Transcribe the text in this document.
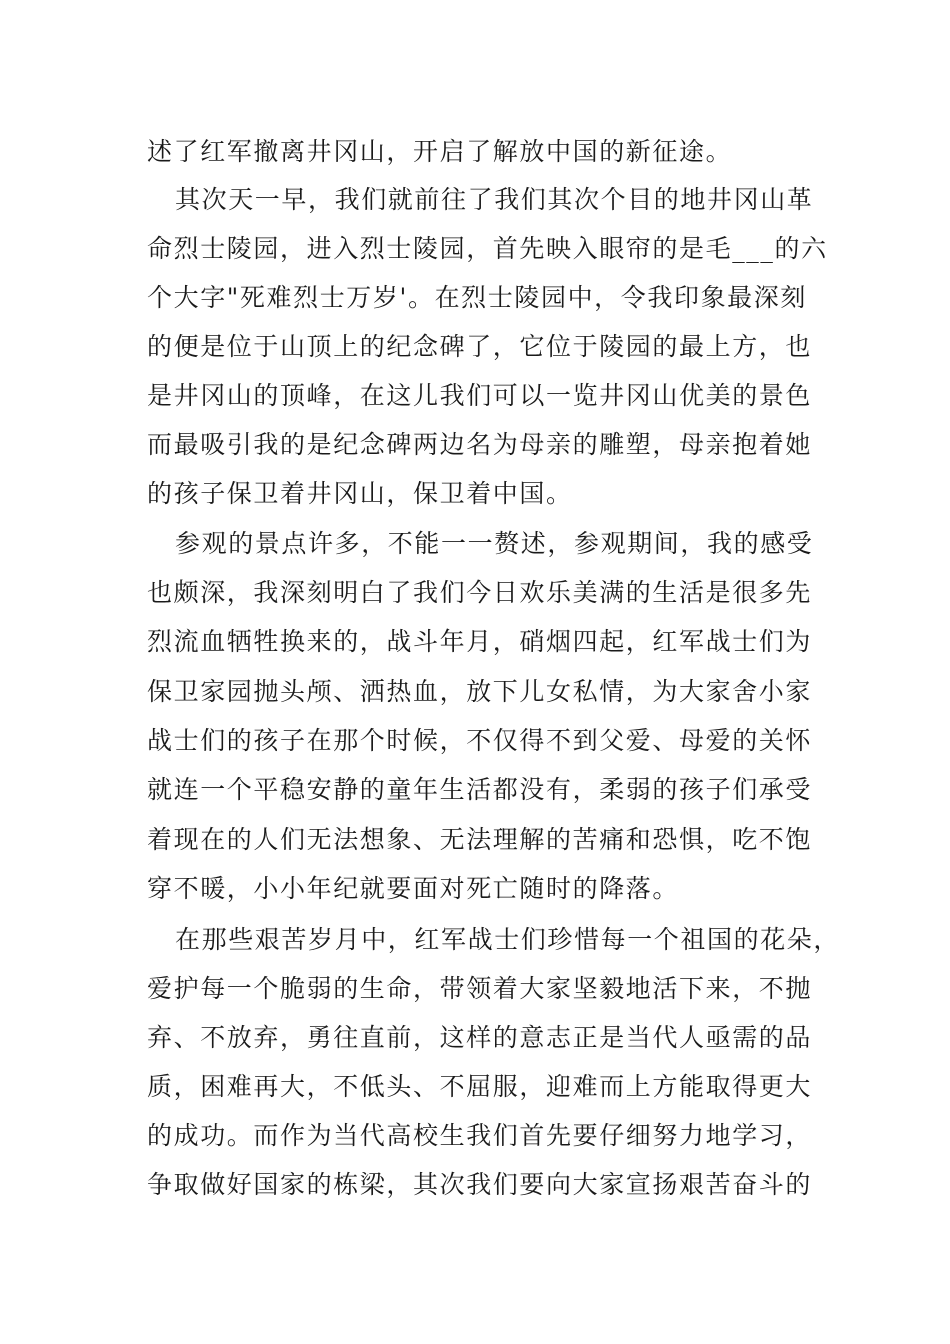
述了红军撤离井冈山，开启了解放中国的新征途。
其次天一早，我们就前往了我们其次个目的地井冈山革
命烈士陵园，进入烈士陵园，首先映入眼帘的是毛___的六
个大字"死难烈士万岁'。在烈士陵园中，令我印象最深刻
的便是位于山顶上的纪念碑了，它位于陵园的最上方，也
是井冈山的顶峰，在这儿我们可以一览井冈山优美的景色
而最吸引我的是纪念碑两边名为母亲的雕塑，母亲抱着她
的孩子保卫着井冈山，保卫着中国。
参观的景点许多，不能一一赘述，参观期间，我的感受
也颇深，我深刻明白了我们今日欢乐美满的生活是很多先
烈流血牺牲换来的，战斗年月，硝烟四起，红军战士们为
保卫家园抛头颅、洒热血，放下儿女私情，为大家舍小家
战士们的孩子在那个时候，不仅得不到父爱、母爱的关怀
就连一个平稳安静的童年生活都没有，柔弱的孩子们承受
着现在的人们无法想象、无法理解的苦痛和恐惧，吃不饱
穿不暖，小小年纪就要面对死亡随时的降落。
在那些艰苦岁月中，红军战士们珍惜每一个祖国的花朵，
爱护每一个脆弱的生命，带领着大家坚毅地活下来，不抛
弃、不放弃，勇往直前，这样的意志正是当代人亟需的品
质，困难再大，不低头、不屈服，迎难而上方能取得更大
的成功。而作为当代高校生我们首先要仔细努力地学习，
争取做好国家的栋梁，其次我们要向大家宣扬艰苦奋斗的
